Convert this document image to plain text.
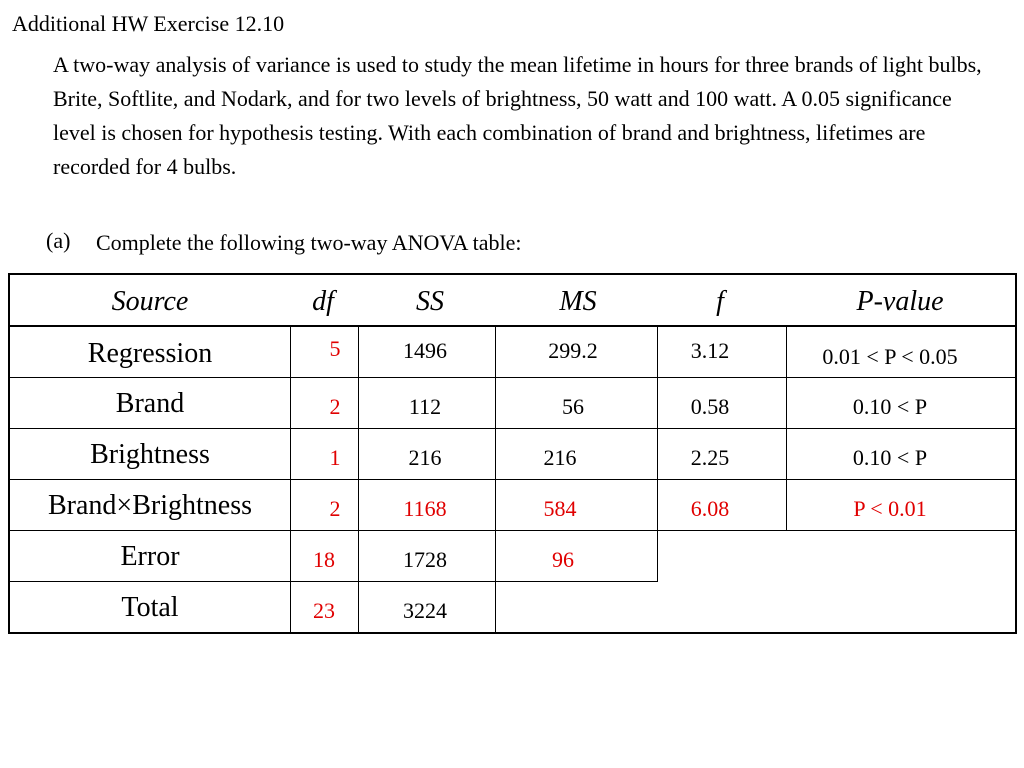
Additional HW Exercise 12.10

A two-way analysis of variance is used to study the mean lifetime in hours for three brands of light bulbs, Brite, Softlite, and Nodark, and for two levels of brightness, 50 watt and 100 watt. A 0.05 significance level is chosen for hypothesis testing. With each combination of brand and brightness, lifetimes are recorded for 4 bulbs.

(a) Complete the following two-way ANOVA table:
Source	df	SS	MS	f	P-value
Regression	5	1496	299.2	3.12	0.01 < P < 0.05
Brand	2	112	56	0.58	0.10 < P
Brightness	1	216	216	2.25	0.10 < P
Brand×Brightness	2	1168	584	6.08	P < 0.01
Error	18	1728	96
Total	23	3224
